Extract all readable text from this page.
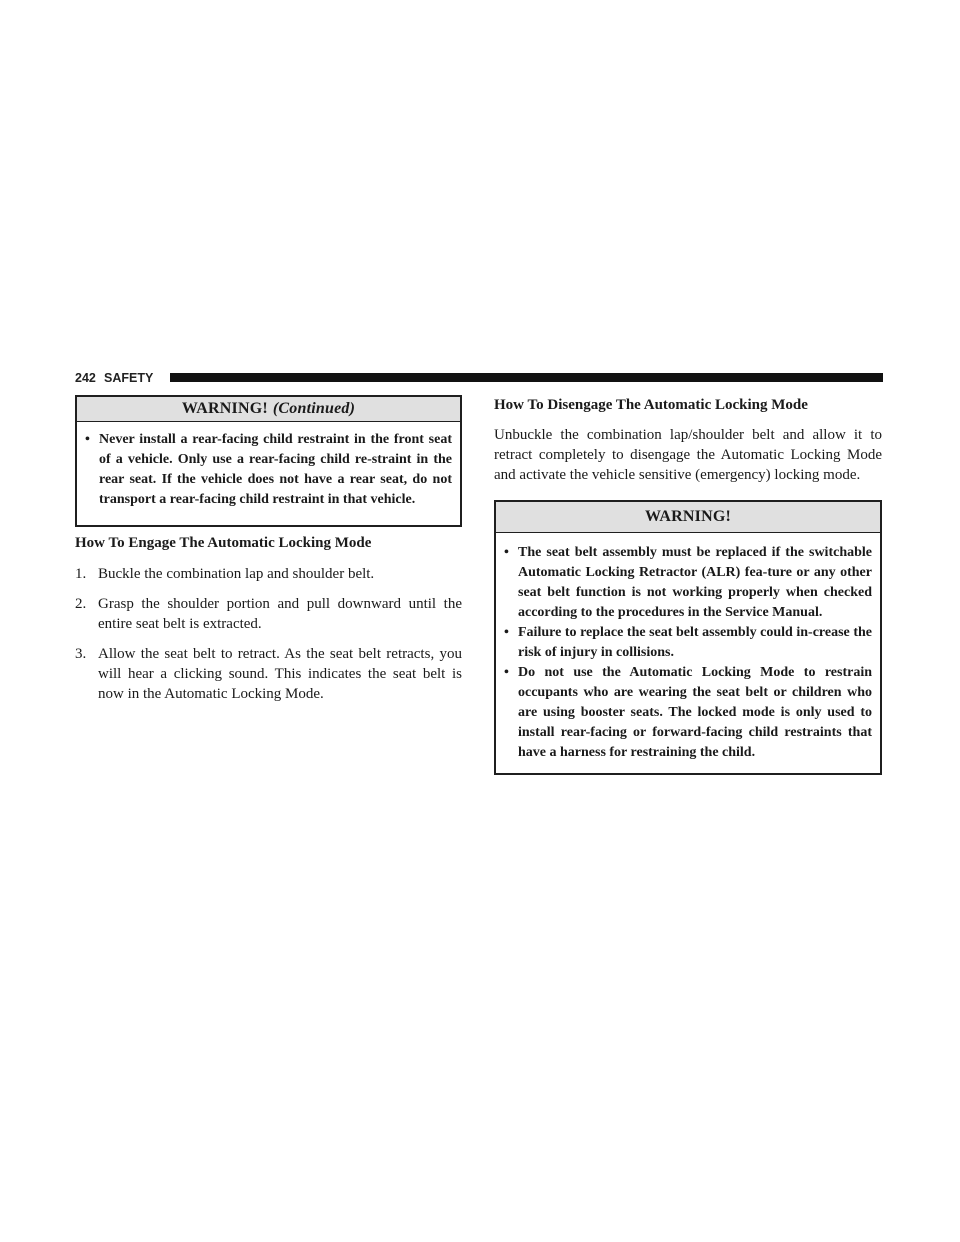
242 SAFETY
WARNING! (Continued)
• Never install a rear-facing child restraint in the front seat of a vehicle. Only use a rear-facing child re-straint in the rear seat. If the vehicle does not have a rear seat, do not transport a rear-facing child restraint in that vehicle.

How To Engage The Automatic Locking Mode

1. Buckle the combination lap and shoulder belt.
2. Grasp the shoulder portion and pull downward until the entire seat belt is extracted.
3. Allow the seat belt to retract. As the seat belt retracts, you will hear a clicking sound. This indicates the seat belt is now in the Automatic Locking Mode.

How To Disengage The Automatic Locking Mode

Unbuckle the combination lap/shoulder belt and allow it to retract completely to disengage the Automatic Locking Mode and activate the vehicle sensitive (emergency) locking mode.

WARNING!
• The seat belt assembly must be replaced if the switchable Automatic Locking Retractor (ALR) fea-ture or any other seat belt function is not working properly when checked according to the procedures in the Service Manual.
• Failure to replace the seat belt assembly could in-crease the risk of injury in collisions.
• Do not use the Automatic Locking Mode to restrain occupants who are wearing the seat belt or children who are using booster seats. The locked mode is only used to install rear-facing or forward-facing child restraints that have a harness for restraining the child.
